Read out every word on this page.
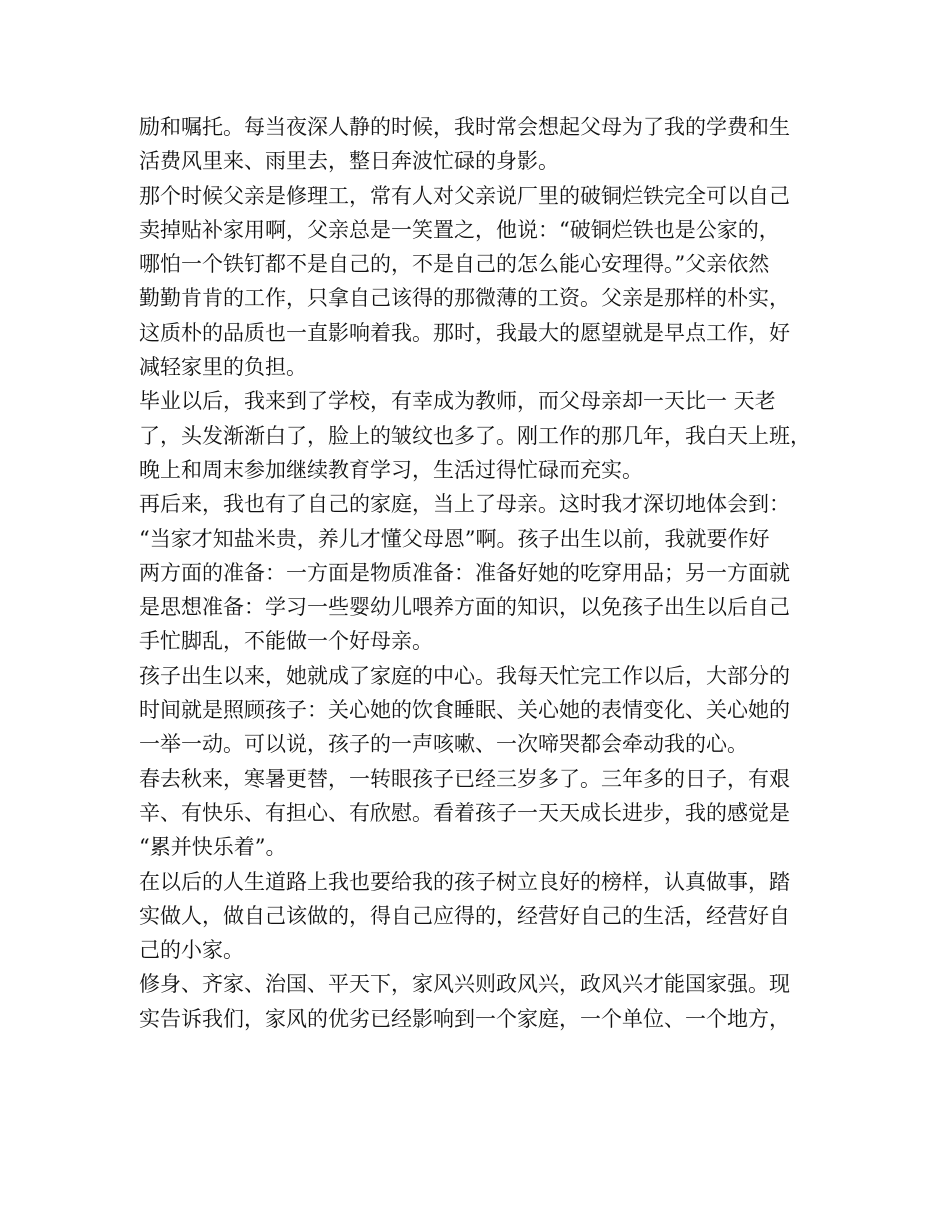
励和嘱托。每当夜深人静的时候，我时常会想起父母为了我的学费和生
活费风里来、雨里去，整日奔波忙碌的身影。
那个时候父亲是修理工，常有人对父亲说厂里的破铜烂铁完全可以自己
卖掉贴补家用啊，父亲总是一笑置之，他说：“破铜烂铁也是公家的，
哪怕一个铁钉都不是自己的，不是自己的怎么能心安理得。”父亲依然
勤勤肯肯的工作，只拿自己该得的那微薄的工资。父亲是那样的朴实，
这质朴的品质也一直影响着我。那时，我最大的愿望就是早点工作，好
减轻家里的负担。
毕业以后，我来到了学校，有幸成为教师，而父母亲却一天比一 天老
了，头发渐渐白了，脸上的皱纹也多了。刚工作的那几年，我白天上班，
晚上和周末参加继续教育学习，生活过得忙碌而充实。
再后来，我也有了自己的家庭，当上了母亲。这时我才深切地体会到：
“当家才知盐米贵，养儿才懂父母恩”啊。孩子出生以前，我就要作好
两方面的准备：一方面是物质准备：准备好她的吃穿用品；另一方面就
是思想准备：学习一些婴幼儿喂养方面的知识，以免孩子出生以后自己
手忙脚乱，不能做一个好母亲。
孩子出生以来，她就成了家庭的中心。我每天忙完工作以后，大部分的
时间就是照顾孩子：关心她的饮食睡眠、关心她的表情变化、关心她的
一举一动。可以说，孩子的一声咳嗽、一次啼哭都会牵动我的心。
春去秋来，寒暑更替，一转眼孩子已经三岁多了。三年多的日子，有艰
辛、有快乐、有担心、有欣慰。看着孩子一天天成长进步，我的感觉是
“累并快乐着”。
在以后的人生道路上我也要给我的孩子树立良好的榜样，认真做事，踏
实做人，做自己该做的，得自己应得的，经营好自己的生活，经营好自
己的小家。
修身、齐家、治国、平天下，家风兴则政风兴，政风兴才能国家强。现
实告诉我们，家风的优劣已经影响到一个家庭，一个单位、一个地方，
